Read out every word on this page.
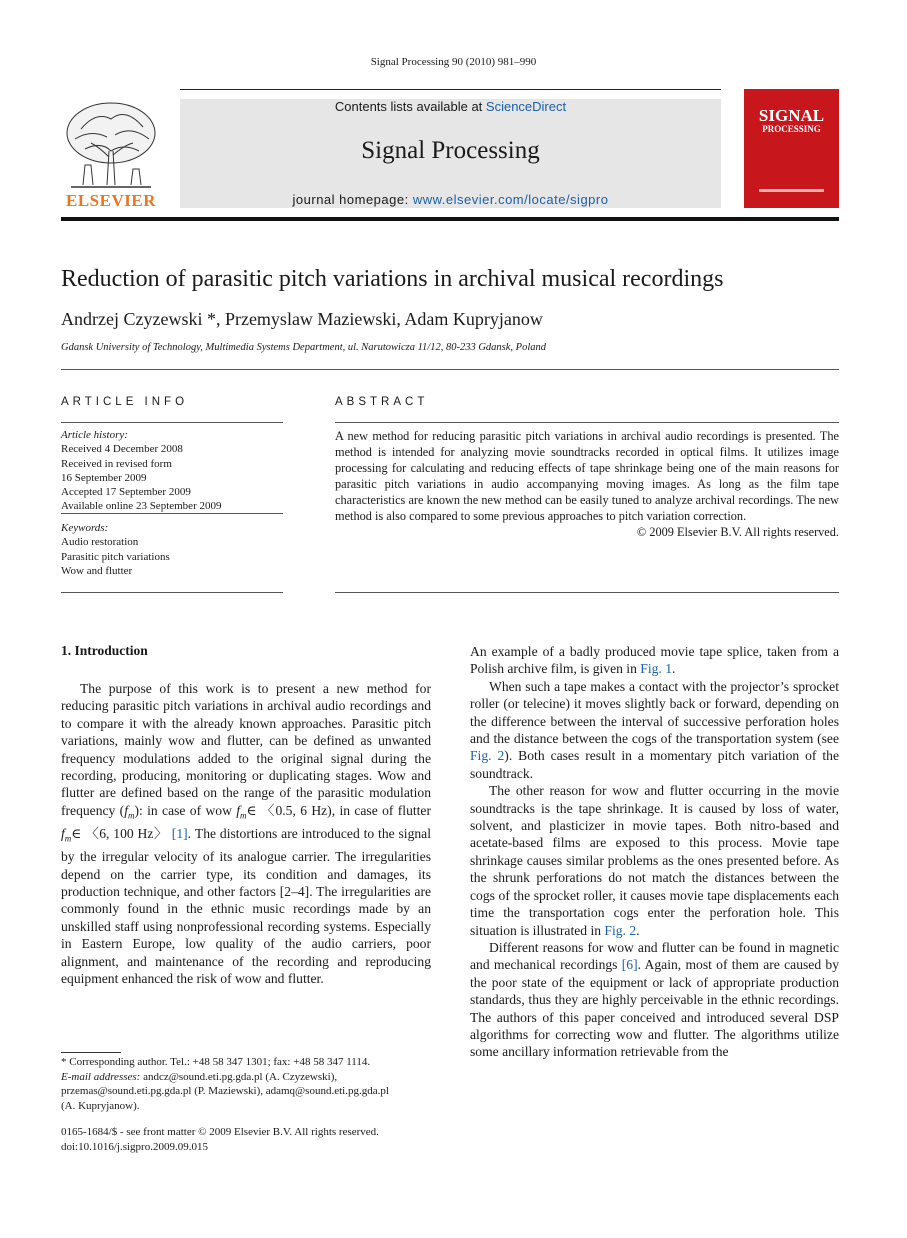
Signal Processing 90 (2010) 981–990
ELSEVIER
Contents lists available at ScienceDirect
Signal Processing
journal homepage: www.elsevier.com/locate/sigpro
SIGNAL
PROCESSING
Reduction of parasitic pitch variations in archival musical recordings
Andrzej Czyzewski *, Przemyslaw Maziewski, Adam Kupryjanow
Gdansk University of Technology, Multimedia Systems Department, ul. Narutowicza 11/12, 80-233 Gdansk, Poland
ARTICLE INFO
Article history:
Received 4 December 2008
Received in revised form
16 September 2009
Accepted 17 September 2009
Available online 23 September 2009
Keywords:
Audio restoration
Parasitic pitch variations
Wow and flutter
ABSTRACT
A new method for reducing parasitic pitch variations in archival audio recordings is presented. The method is intended for analyzing movie soundtracks recorded in optical films. It utilizes image processing for calculating and reducing effects of tape shrinkage being one of the main reasons for parasitic pitch variations in audio accompanying moving images. As long as the film tape characteristics are known the new method can be easily tuned to analyze archival recordings. The new method is also compared to some previous approaches to pitch variation correction.
© 2009 Elsevier B.V. All rights reserved.
1. Introduction

The purpose of this work is to present a new method for reducing parasitic pitch variations in archival audio recordings and to compare it with the already known approaches. Parasitic pitch variations, mainly wow and flutter, can be defined as unwanted frequency modulations added to the original signal during the recording, producing, monitoring or duplicating stages. Wow and flutter are defined based on the range of the parasitic modulation frequency $(f_m)$: in case of wow $f_m\in$ 〈0.5, 6 Hz), in case of flutter $f_m\in$ 〈6, 100 Hz〉 [1]. The distortions are introduced to the signal by the irregular velocity of its analogue carrier. The irregularities depend on the carrier type, its condition and damages, its production technique, and other factors [2–4]. The irregularities are commonly found in the ethnic music recordings made by an unskilled staff using nonprofessional recording systems. Especially in Eastern Europe, low quality of the audio carriers, poor alignment, and maintenance of the recording and reproducing equipment enhanced the risk of wow and flutter.

An example of a badly produced movie tape splice, taken from a Polish archive film, is given in Fig. 1.

When such a tape makes a contact with the projector’s sprocket roller (or telecine) it moves slightly back or forward, depending on the difference between the interval of successive perforation holes and the distance between the cogs of the transportation system (see Fig. 2). Both cases result in a momentary pitch variation of the soundtrack.

The other reason for wow and flutter occurring in the movie soundtracks is the tape shrinkage. It is caused by loss of water, solvent, and plasticizer in movie tapes. Both nitro-based and acetate-based films are exposed to this process. Movie tape shrinkage causes similar problems as the ones presented before. As the shrunk perforations do not match the distances between the cogs of the sprocket roller, it causes movie tape displacements each time the transportation cogs enter the perforation hole. This situation is illustrated in Fig. 2.

Different reasons for wow and flutter can be found in magnetic and mechanical recordings [6]. Again, most of them are caused by the poor state of the equipment or lack of appropriate production standards, thus they are highly perceivable in the ethnic recordings. The authors of this paper conceived and introduced several DSP algorithms for correcting wow and flutter. The algorithms utilize some ancillary information retrievable from the

* Corresponding author. Tel.: +48 58 347 1301; fax: +48 58 347 1114.
E-mail addresses: andcz@sound.eti.pg.gda.pl (A. Czyzewski),
przemas@sound.eti.pg.gda.pl (P. Maziewski), adamq@sound.eti.pg.gda.pl
(A. Kupryjanow).
0165-1684/$ - see front matter © 2009 Elsevier B.V. All rights reserved.
doi:10.1016/j.sigpro.2009.09.015
